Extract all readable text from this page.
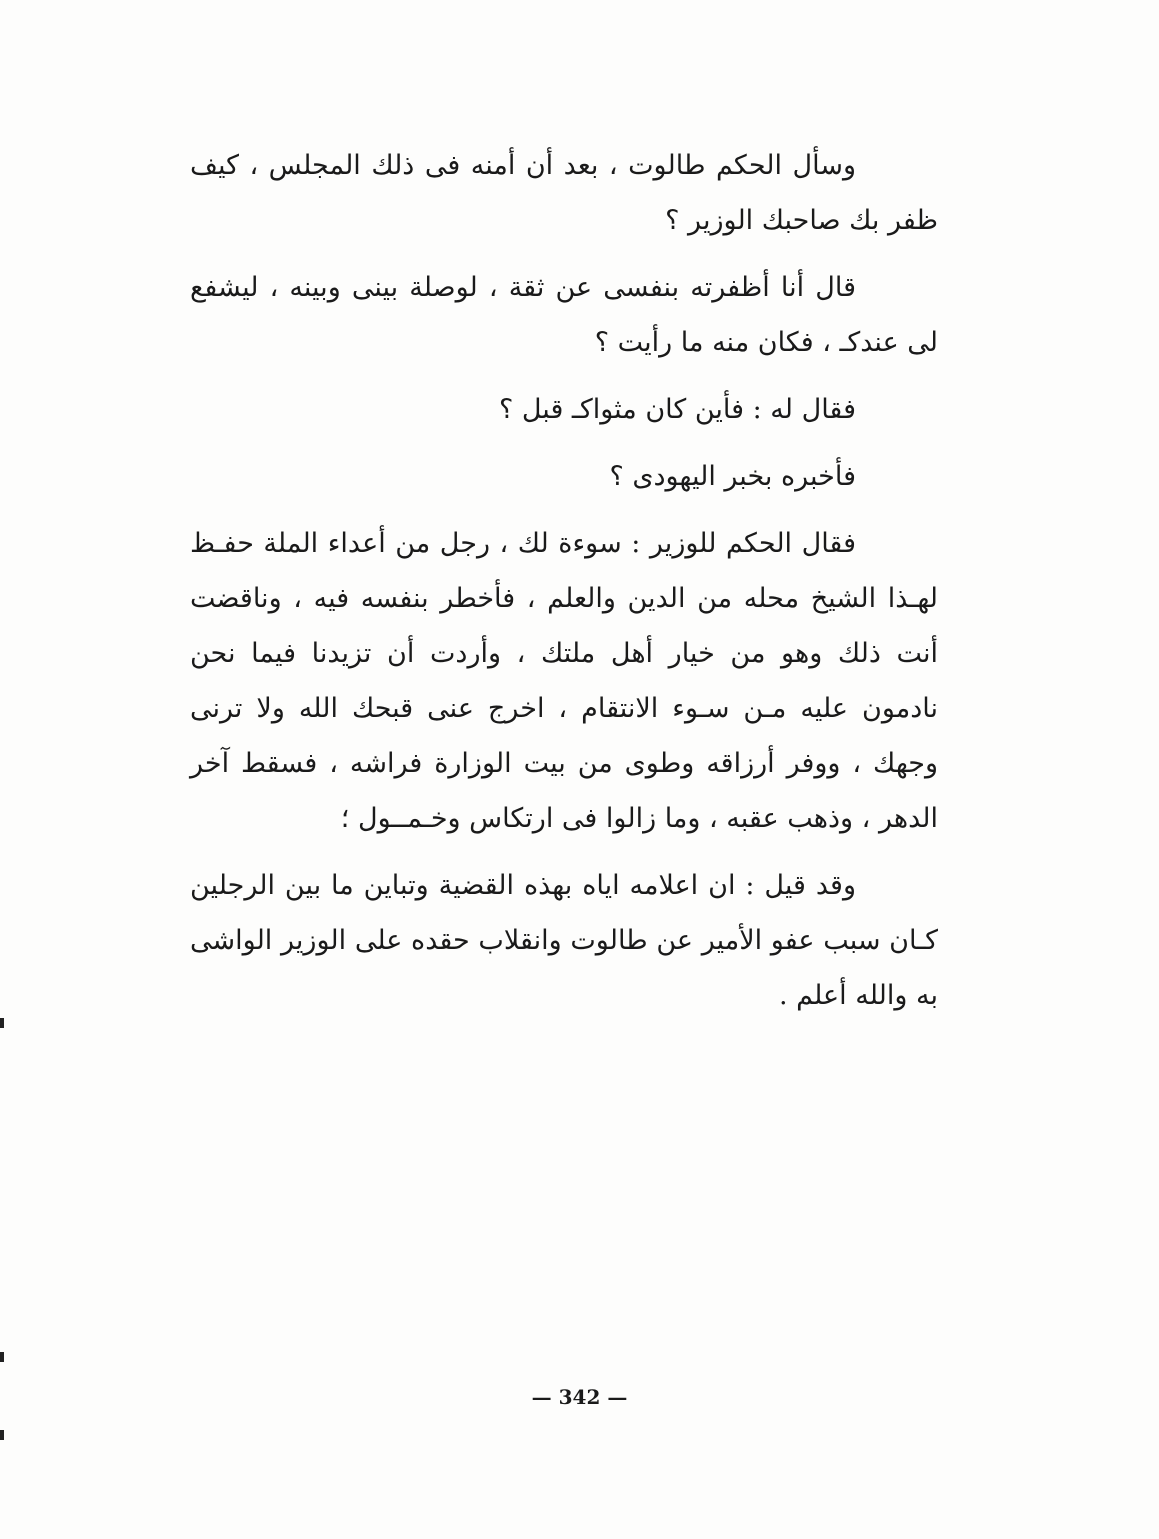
وسأل الحكم طالوت ، بعد أن أمنه فى ذلك المجلس ، كيف ظفر بك صاحبك الوزير ؟

قال أنا أظفرته بنفسى عن ثقة ، لوصلة بينى وبينه ، ليشفع لى عندكـ ، فكان منه ما رأيت ؟

فقال له : فأين كان مثواكـ قبل ؟

فأخبره بخبر اليهودى ؟

فقال الحكم للوزير : سوءة لك ، رجل من أعداء الملة حفـظ لهـذا الشيخ محله من الدين والعلم ، فأخطر بنفسه فيه ، وناقضت أنت ذلك وهو من خيار أهل ملتك ، وأردت أن تزيدنا فيما نحن نادمون عليه مـن سـوء الانتقام ، اخرج عنى قبحك الله ولا ترنى وجهك ، ووفر أرزاقه وطوى من بيت الوزارة فراشه ، فسقط آخر الدهر ، وذهب عقبه ، وما زالوا فى ارتكاس وخـمــول ؛

وقد قيل : ان اعلامه اياه بهذه القضية وتباين ما بين الرجلين كـان سبب عفو الأمير عن طالوت وانقلاب حقده على الوزير الواشى به والله أعلم .

— 342 —
